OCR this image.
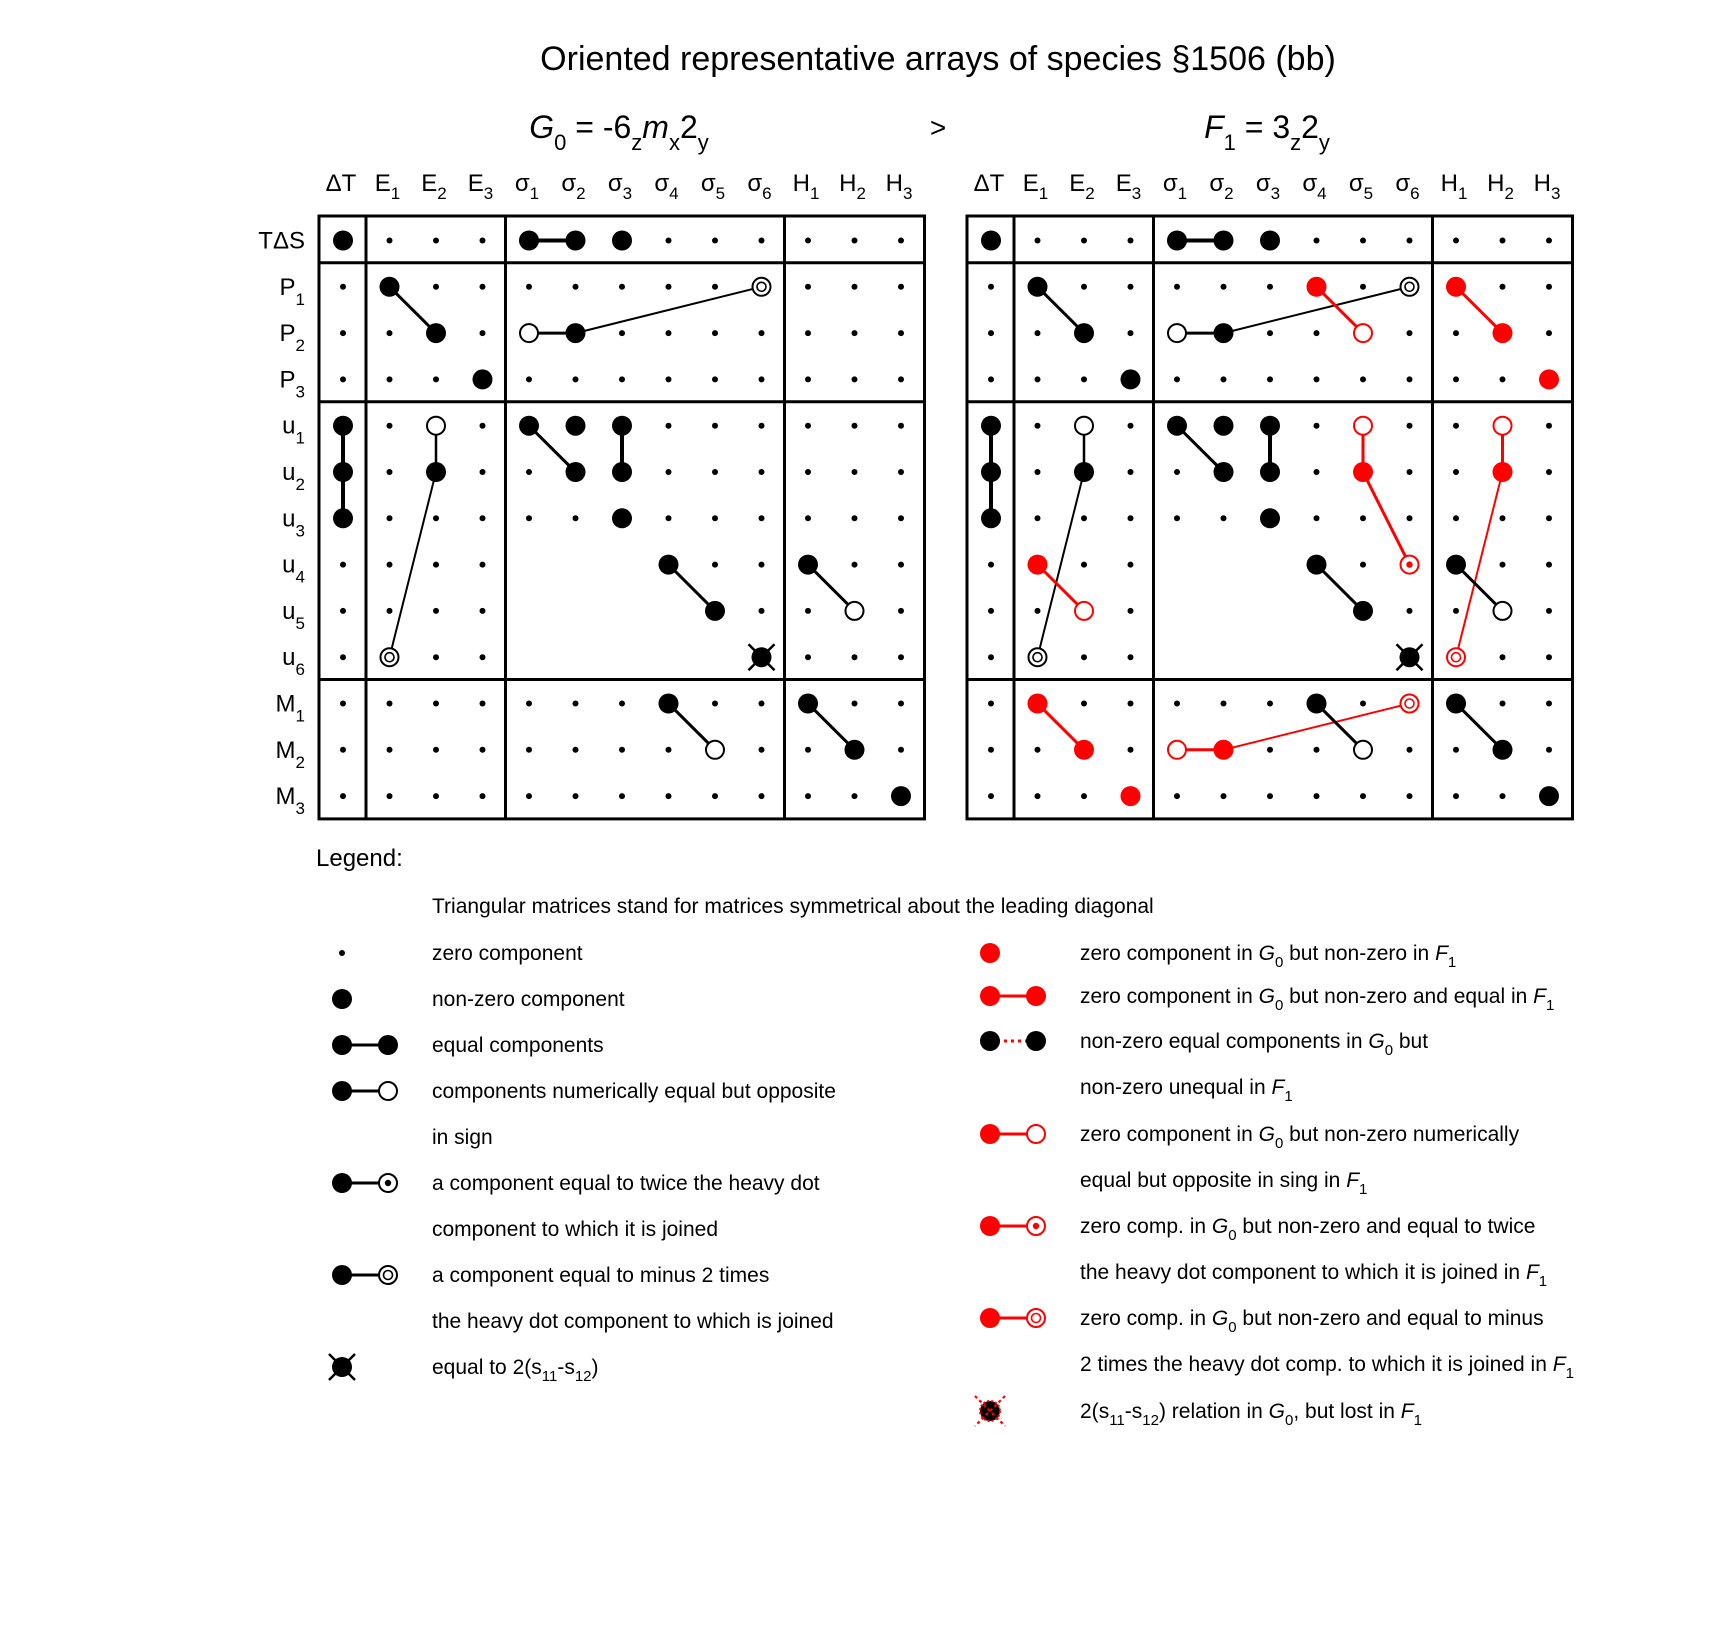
Oriented representative arrays of species §1506 (bb)
>
$G_0 = -6_zm_x2_y$
ΔT $E_1$ $E_2$ $E_3$ $\sigma_1$ $\sigma_2$ $\sigma_3$ $\sigma_4$ $\sigma_5$ $\sigma_6$ $H_1$ $H_2$ $H_3$
TΔS
$P_1$
$P_2$
$P_3$
$u_1$
$u_2$
$u_3$
$u_4$
$u_5$
$u_6$
$M_1$
$M_2$
$M_3$
$F_1 = 3_z2_y$
ΔT $E_1$ $E_2$ $E_3$ $\sigma_1$ $\sigma_2$ $\sigma_3$ $\sigma_4$ $\sigma_5$ $\sigma_6$ $H_1$ $H_2$ $H_3$
Legend:
Triangular matrices stand for matrices symmetrical about the leading diagonal
zero component
non-zero component
equal components
components numerically equal but opposite
in sign
a component equal to twice the heavy dot
component to which it is joined
a component equal to minus 2 times
the heavy dot component to which is joined
equal to $2(s_{11}-s_{12})$
zero component in $G_0$ but non-zero in $F_1$
zero component in $G_0$ but non-zero and equal in $F_1$
non-zero equal components in $G_0$ but
non-zero unequal in $F_1$
zero component in $G_0$ but non-zero numerically
equal but opposite in sing in $F_1$
zero comp. in $G_0$ but non-zero and equal to twice
the heavy dot component to which it is joined in $F_1$
zero comp. in $G_0$ but non-zero and equal to minus
2 times the heavy dot comp. to which it is joined in $F_1$
$2(s_{11}-s_{12})$ relation in $G_0$, but lost in $F_1$
